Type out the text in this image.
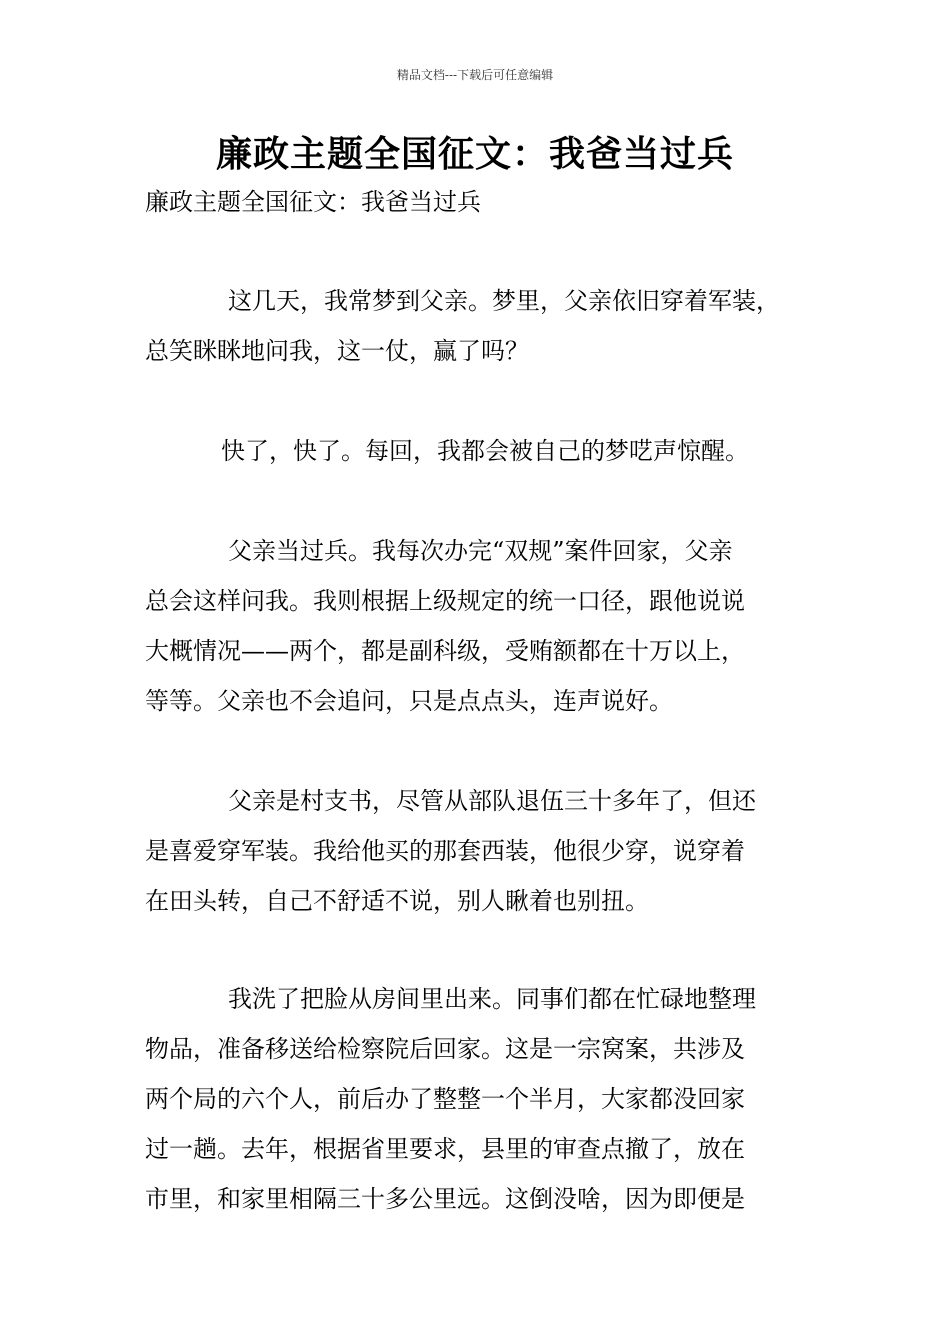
精品文档---下载后可任意编辑
廉政主题全国征文：我爸当过兵
廉政主题全国征文：我爸当过兵
这几天，我常梦到父亲。梦里，父亲依旧穿着军装，
总笑眯眯地问我，这一仗，赢了吗？
快了，快了。每回，我都会被自己的梦呓声惊醒。
父亲当过兵。我每次办完“双规”案件回家，父亲
总会这样问我。我则根据上级规定的统一口径，跟他说说
大概情况——两个，都是副科级，受贿额都在十万以上，
等等。父亲也不会追问，只是点点头，连声说好。
父亲是村支书，尽管从部队退伍三十多年了，但还
是喜爱穿军装。我给他买的那套西装，他很少穿，说穿着
在田头转，自己不舒适不说，别人瞅着也别扭。
我洗了把脸从房间里出来。同事们都在忙碌地整理
物品，准备移送给检察院后回家。这是一宗窝案，共涉及
两个局的六个人，前后办了整整一个半月，大家都没回家
过一趟。去年，根据省里要求，县里的审查点撤了，放在
市里，和家里相隔三十多公里远。这倒没啥，因为即便是
